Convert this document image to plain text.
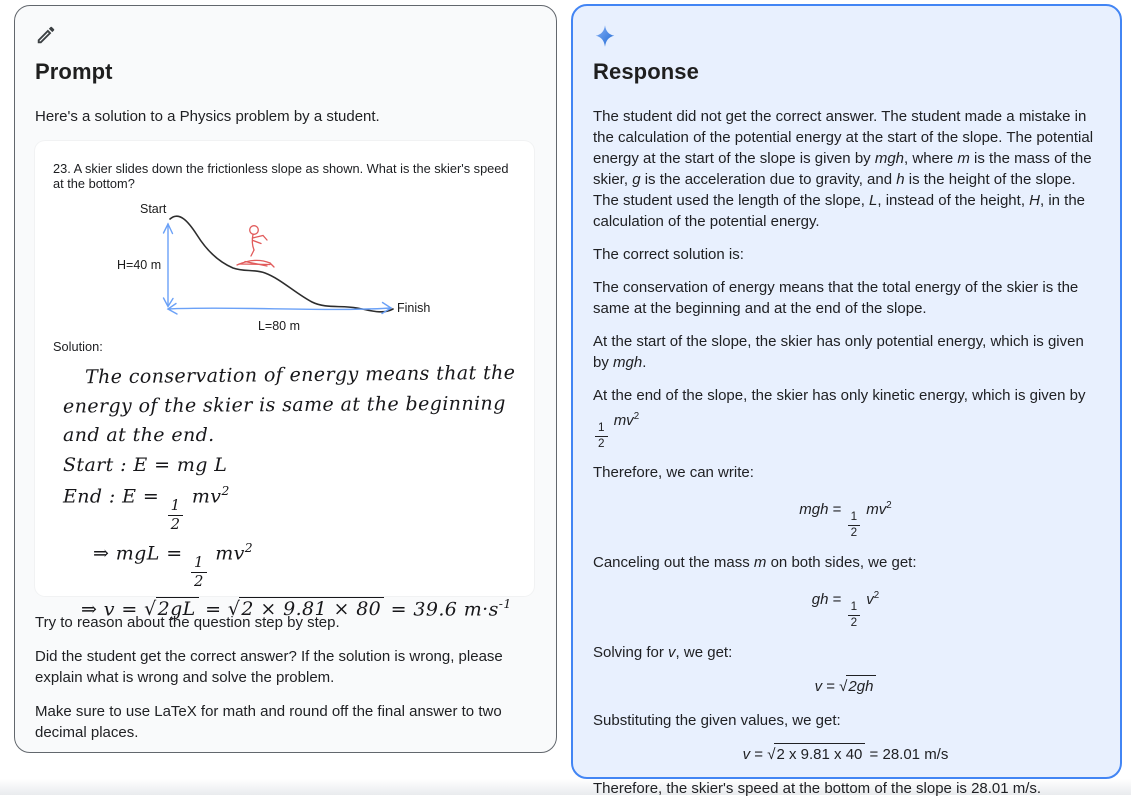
Prompt
Here's a solution to a Physics problem by a student.
23. A skier slides down the frictionless slope as shown. What is the skier's speed at the bottom?
Start
H=40 m
L=80 m
Finish
Solution:
The conservation of energy means that the
energy of the skier is same at the beginning
and at the end.
Start : E = mg L
End : E =
$\frac{1}{2}$
$mv^2$
⇒ mgL =
$\frac{1}{2}$
$mv^2$
⇒ v = √ 2gL = √ 2 × 9.81 × 80 = 39.6 $m\cdot s^{-1}$
Try to reason about the question step by step.
Did the student get the correct answer? If the solution is wrong, please explain what is wrong and solve the problem.
Make sure to use LaTeX for math and round off the final answer to two decimal places.
Response
The student did not get the correct answer. The student made a mistake in the calculation of the potential energy at the start of the slope. The potential energy at the start of the slope is given by mgh, where m is the mass of the skier, g is the acceleration due to gravity, and h is the height of the slope. The student used the length of the slope, L, instead of the height, H, in the calculation of the potential energy.
The correct solution is:
The conservation of energy means that the total energy of the skier is the same at the beginning and at the end of the slope.
At the start of the slope, the skier has only potential energy, which is given by mgh.
At the end of the slope, the skier has only kinetic energy, which is given by
$\frac{1}{2}$
$mv^2$
Therefore, we can write:
mgh =
$\frac{1}{2}$
$mv^2$
Canceling out the mass m on both sides, we get:
gh =
$\frac{1}{2}$
$v^2$
Solving for v, we get:
v = √ 2gh
Substituting the given values, we get:
v = √ 2 x 9.81 x 40 = 28.01 m/s
Therefore, the skier's speed at the bottom of the slope is 28.01 m/s.
